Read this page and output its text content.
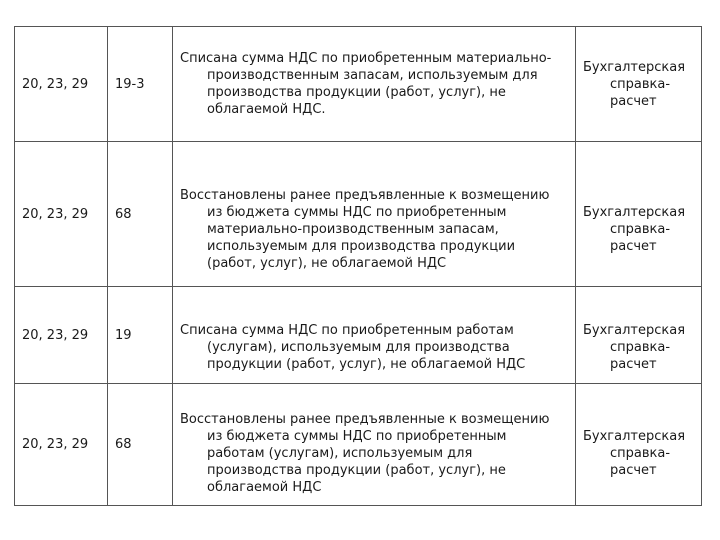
20, 23, 29	19-3	Списана сумма НДС по приобретенным материально-производственным запасам, используемым для производства продукции (работ, услуг), не облагаемой НДС.	Бухгалтерская справка-расчет

20, 23, 29	68	Восстановлены ранее предъявленные к возмещению из бюджета суммы НДС по приобретенным материально-производственным запасам, используемым для производства продукции (работ, услуг), не облагаемой НДС	Бухгалтерская справка-расчет

20, 23, 29	19	Списана сумма НДС по приобретенным работам (услугам), используемым для производства продукции (работ, услуг), не облагаемой НДС	Бухгалтерская справка-расчет

20, 23, 29	68	Восстановлены ранее предъявленные к возмещению из бюджета суммы НДС по приобретенным работам (услугам), используемым для производства продукции (работ, услуг), не облагаемой НДС	Бухгалтерская справка-расчет
